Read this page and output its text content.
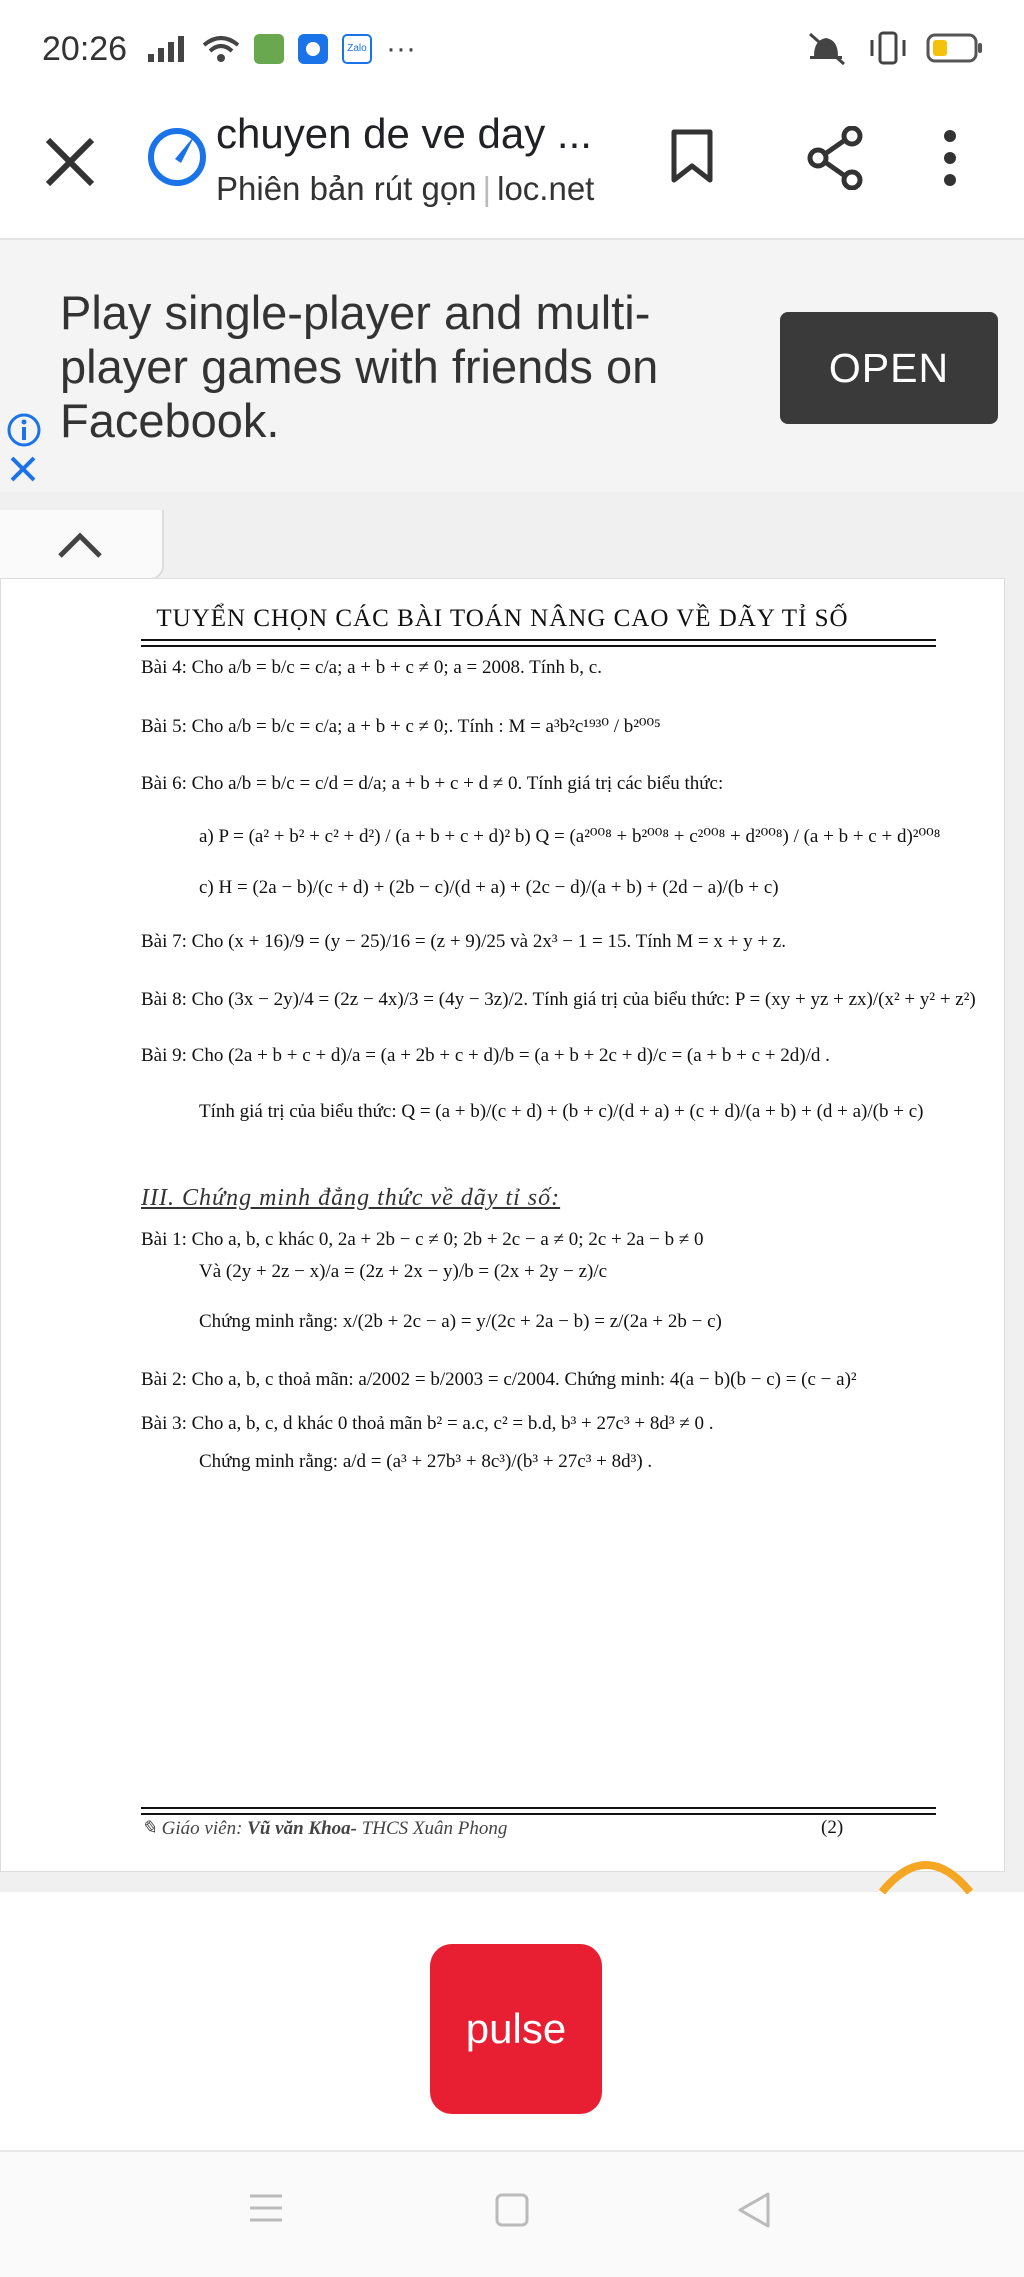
20:26	Zalo ···
chuyen de ve day ...
Phiên bản rút gọn | loc.net
Play single-player and multi-player games with friends on Facebook.
OPEN
TUYỂN CHỌN CÁC BÀI TOÁN NÂNG CAO VỀ DÃY TỈ SỐ
Bài 4: Cho a/b = b/c = c/a; a + b + c ≠ 0; a = 2008. Tính b, c.
Bài 5: Cho a/b = b/c = c/a; a + b + c ≠ 0;. Tính : M = a³b²c¹⁹³⁰ / b²⁰⁰⁵
Bài 6: Cho a/b = b/c = c/d = d/a; a + b + c + d ≠ 0. Tính giá trị các biểu thức:
a) P = (a² + b² + c² + d²) / (a + b + c + d)² b) Q = (a²⁰⁰⁸ + b²⁰⁰⁸ + c²⁰⁰⁸ + d²⁰⁰⁸) / (a + b + c + d)²⁰⁰⁸
c) H = (2a − b)/(c + d) + (2b − c)/(d + a) + (2c − d)/(a + b) + (2d − a)/(b + c)
Bài 7: Cho (x + 16)/9 = (y − 25)/16 = (z + 9)/25 và 2x³ − 1 = 15. Tính M = x + y + z.
Bài 8: Cho (3x − 2y)/4 = (2z − 4x)/3 = (4y − 3z)/2. Tính giá trị của biểu thức: P = (xy + yz + zx)/(x² + y² + z²)
Bài 9: Cho (2a + b + c + d)/a = (a + 2b + c + d)/b = (a + b + 2c + d)/c = (a + b + c + 2d)/d .
Tính giá trị của biểu thức: Q = (a + b)/(c + d) + (b + c)/(d + a) + (c + d)/(a + b) + (d + a)/(b + c)
III. Chứng minh đẳng thức về dãy tỉ số:
Bài 1: Cho a, b, c khác 0, 2a + 2b − c ≠ 0; 2b + 2c − a ≠ 0; 2c + 2a − b ≠ 0
Và (2y + 2z − x)/a = (2z + 2x − y)/b = (2x + 2y − z)/c
Chứng minh rằng: x/(2b + 2c − a) = y/(2c + 2a − b) = z/(2a + 2b − c)
Bài 2: Cho a, b, c thoả mãn: a/2002 = b/2003 = c/2004. Chứng minh: 4(a − b)(b − c) = (c − a)²
Bài 3: Cho a, b, c, d khác 0 thoả mãn b² = a.c, c² = b.d, b³ + 27c³ + 8d³ ≠ 0 .
Chứng minh rằng: a/d = (a³ + 27b³ + 8c³)/(b³ + 27c³ + 8d³) .
✎ Giáo viên: Vũ văn Khoa- THCS Xuân Phong	(2)
pulse
